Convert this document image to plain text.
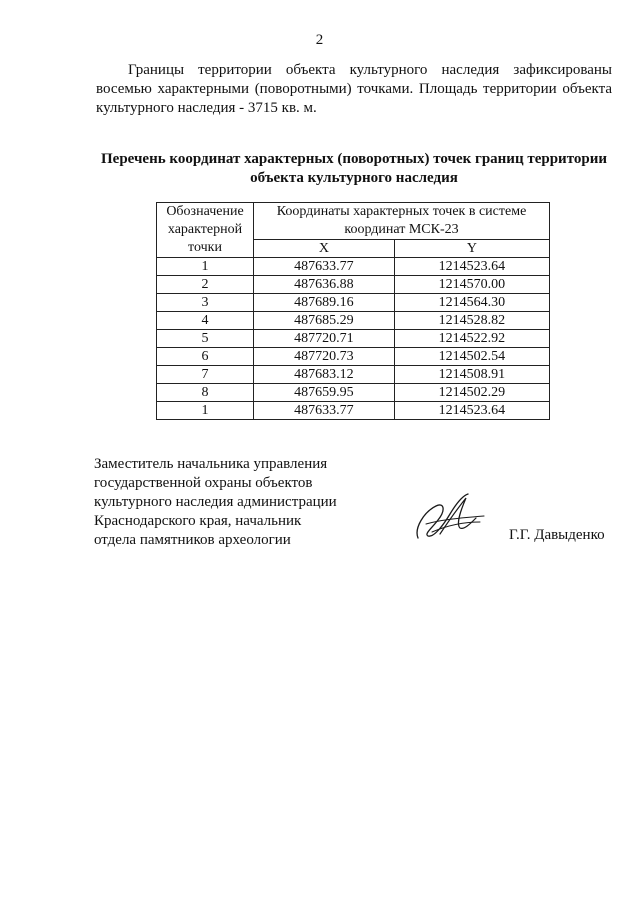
2

Границы территории объекта культурного наследия зафиксированы восемью характерными (поворотными) точками. Площадь территории объекта культурного наследия - 3715 кв. м.

Перечень координат характерных (поворотных) точек границ территории объекта культурного наследия

Обозначение характерной точки	Координаты характерных точек в системе координат МСК-23	
	X	Y
1	487633.77	1214523.64
2	487636.88	1214570.00
3	487689.16	1214564.30
4	487685.29	1214528.82
5	487720.71	1214522.92
6	487720.73	1214502.54
7	487683.12	1214508.91
8	487659.95	1214502.29
1	487633.77	1214523.64

Заместитель начальника управления
государственной охраны объектов
культурного наследия администрации
Краснодарского края, начальник
отдела памятников археологии	Г.Г. Давыденко
